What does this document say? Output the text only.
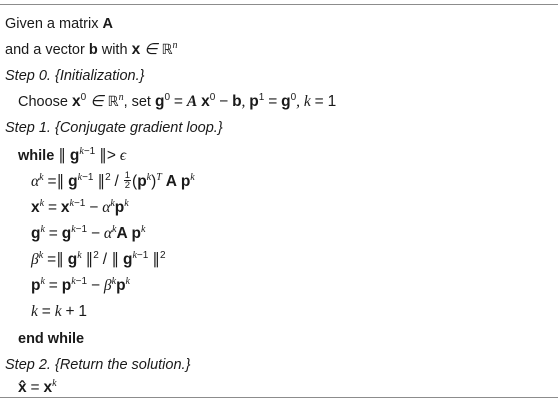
Given a matrix A
and a vector b with x ∈ ℝ$^n$
Step 0. {Initialization.}
Choose $x^0$ ∈ ℝ$^n$, set $g^0 = A$ $x^0 - b$, $p^1 = g^0$, k = 1
Step 1. {Conjugate gradient loop.}
while ∥ $g^{k-1}$ ∥> ϵ
$\alpha^k$ =∥ $g^{k-1}$ ∥$^2$ / $\frac{1}{2} (p^k)^T$ A $p^k$
$x^k = x^{k-1} - \alpha^kp^k$
$g^k = g^{k-1} - \alpha^kA$ $p^k$
$\beta^k$ =∥ $g^k$ ∥$^2$ / ∥ $g^{k-1}$ ∥$^2$
$p^k = p^{k-1} - \beta^kp^k$
k = k + 1
end while
Step 2. {Return the solution.}
x̂ = $x^k$
